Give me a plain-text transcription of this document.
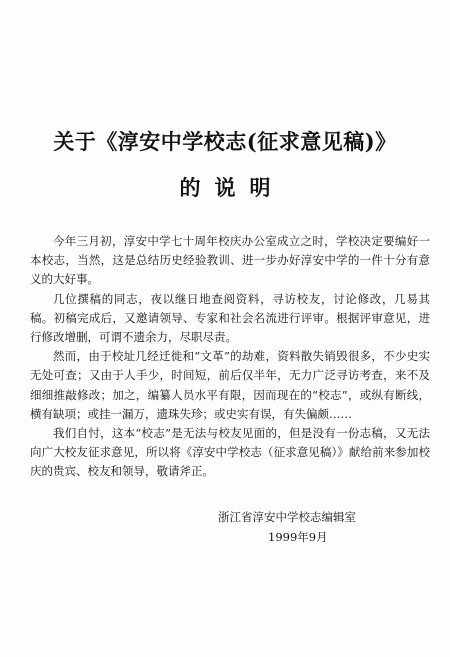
关于《淳安中学校志(征求意见稿)》
的说明

今年三月初，淳安中学七十周年校庆办公室成立之时，学校决定要编好一本校志，当然，这是总结历史经验教训、进一步办好淳安中学的一件十分有意义的大好事。

几位撰稿的同志，夜以继日地查阅资料，寻访校友，讨论修改，几易其稿。初稿完成后，又邀请领导、专家和社会名流进行评审。根据评审意见，进行修改增删，可谓不遗余力，尽职尽责。

然而，由于校址几经迁徙和“文革”的劫难，资料散失销毁很多，不少史实无处可查；又由于人手少，时间短，前后仅半年，无力广泛寻访考查，来不及细细推敲修改；加之，编纂人员水平有限，因而现在的“校志”，或纵有断线，横有缺项；或挂一漏万，遗珠失珍；或史实有误，有失偏颇……

我们自忖，这本“校志”是无法与校友见面的，但是没有一份志稿，又无法向广大校友征求意见，所以将《淳安中学校志（征求意见稿）》献给前来参加校庆的贵宾、校友和领导，敬请斧正。

浙江省淳安中学校志编辑室
1999年9月
